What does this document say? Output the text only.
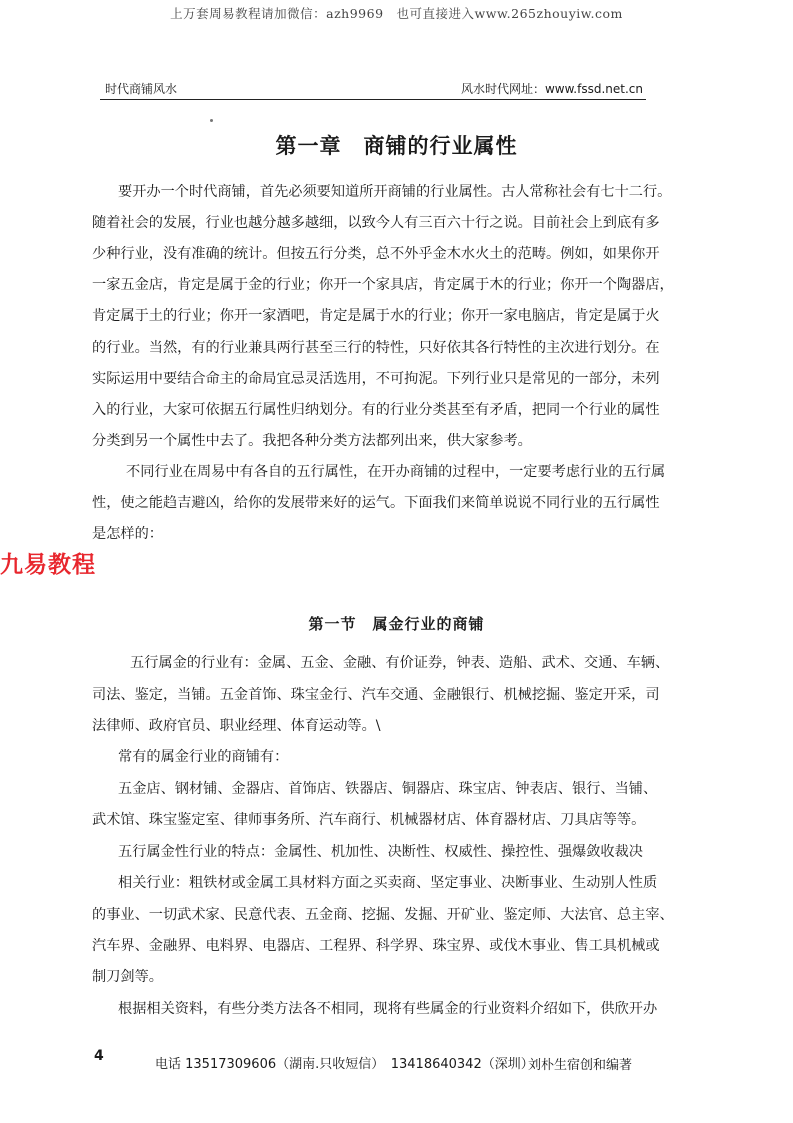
上万套周易教程请加微信：azh9969　也可直接进入www.265zhouyiw.com
时代商铺风水	风水时代网址：www.fssd.net.cn
第一章　商铺的行业属性
要开办一个时代商铺，首先必须要知道所开商铺的行业属性。古人常称社会有七十二行。
随着社会的发展，行业也越分越多越细，以致今人有三百六十行之说。目前社会上到底有多
少种行业，没有准确的统计。但按五行分类，总不外乎金木水火土的范畴。例如，如果你开
一家五金店，肯定是属于金的行业；你开一个家具店，肯定属于木的行业；你开一个陶器店，
肯定属于土的行业；你开一家酒吧，肯定是属于水的行业；你开一家电脑店，肯定是属于火
的行业。当然，有的行业兼具两行甚至三行的特性，只好依其各行特性的主次进行划分。在
实际运用中要结合命主的命局宜忌灵活选用，不可拘泥。下列行业只是常见的一部分，未列
入的行业，大家可依据五行属性归纳划分。有的行业分类甚至有矛盾，把同一个行业的属性
分类到另一个属性中去了。我把各种分类方法都列出来，供大家参考。
不同行业在周易中有各自的五行属性，在开办商铺的过程中，一定要考虑行业的五行属
性，使之能趋吉避凶，给你的发展带来好的运气。下面我们来简单说说不同行业的五行属性
是怎样的：
九易教程
第一节　属金行业的商铺
五行属金的行业有：金属、五金、金融、有价证券，钟表、造船、武术、交通、车辆、
司法、鉴定，当铺。五金首饰、珠宝金行、汽车交通、金融银行、机械挖掘、鉴定开采，司
法律师、政府官员、职业经理、体育运动等。\
常有的属金行业的商铺有：
五金店、钢材铺、金器店、首饰店、铁器店、铜器店、珠宝店、钟表店、银行、当铺、
武术馆、珠宝鉴定室、律师事务所、汽车商行、机械器材店、体育器材店、刀具店等等。
五行属金性行业的特点：金属性、机加性、决断性、权威性、操控性、强爆敛收裁决
相关行业：粗铁材或金属工具材料方面之买卖商、坚定事业、决断事业、生动别人性质
的事业、一切武术家、民意代表、五金商、挖掘、发掘、开矿业、鉴定师、大法官、总主宰、
汽车界、金融界、电料界、电器店、工程界、科学界、珠宝界、或伐木事业、售工具机械或
制刀剑等。
根据相关资料，有些分类方法各不相同，现将有些属金的行业资料介绍如下，供欣开办
4
电话 13517309606（湖南.只收短信）　13418640342（深圳）
刘朴生宿创和编著
